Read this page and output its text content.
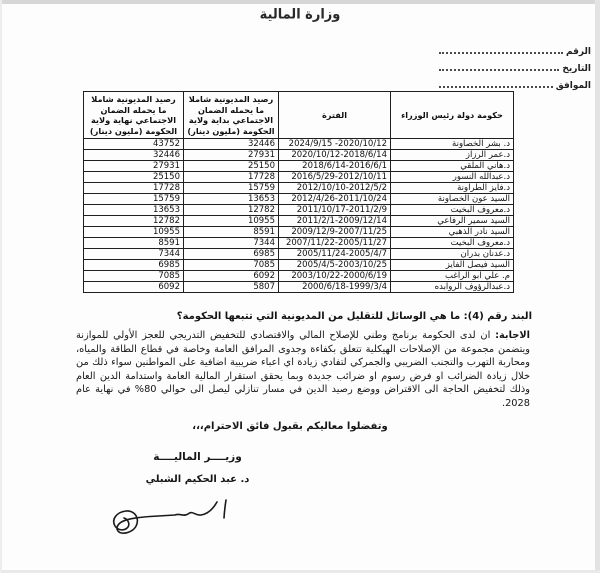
وزارة المالية
الرقم
التاريخ
الموافق
حكومة دولة رئيس الوزراء	الفترة	رصيد المديونية شاملا ما يحمله الضمان الاجتماعي بداية ولاية الحكومة (مليون دينار)	رصيد المديونية شاملا ما يحمله الضمان الاجتماعي نهاية ولاية الحكومة (مليون دينار)
د. بشر الخصاونة	2024/9/15 -2020/10/12	32446	43752
د.عمر الرزاز	2020/10/12-2018/6/14	27931	32446
د.هاني الملقي	2018/6/14-2016/6/1	25150	27931
د.عبدالله النسور	2016/5/29-2012/10/11	17728	25150
د.فايز الطراونة	2012/10/10-2012/5/2	15759	17728
السيد عون الخصاونة	2012/4/26-2011/10/24	13653	15759
د.معروف البخيت	2011/10/17-2011/2/9	12782	13653
السيد سمير الرفاعي	2011/2/1-2009/12/14	10955	12782
السيد نادر الذهبي	2009/12/9-2007/11/25	8591	10955
د.معروف البخيت	2007/11/22-2005/11/27	7344	8591
د.عدنان بدران	2005/11/24-2005/4/7	6985	7344
السيد فيصل الفايز	2005/4/5-2003/10/25	7085	6985
م. علي ابو الراغب	2003/10/22-2000/6/19	6092	7085
د.عبدالرؤوف الروابده	2000/6/18-1999/3/4	5807	6092
البند رقم (4): ما هي الوسائل للتقليل من المديونية التي تتبعها الحكومة؟
الاجابة: ان لدى الحكومة برنامج وطني للإصلاح المالي والاقتصادي للتخفيض التدريجي للعجز الأولي للموازنة ويتضمن مجموعة من الإصلاحات الهيكلية تتعلق بكفاءة وجدوى المرافق العامة وخاصة في قطاع الطاقة والمياه، ومحاربة التهرب والتجنب الضريبي والجمركي لتفادي زيادة اي اعباء ضريبية اضافية على المواطنين سواء ذلك من خلال زيادة الضرائب او فرض رسوم او ضرائب جديدة وبما يحقق استقرار المالية العامة واستدامة الدين العام وذلك لتخفيض الحاجة الى الاقتراض ووضع رصيد الدين في مسار تنازلي ليصل الى حوالي 80% في نهاية عام 2028.
وتفضلوا معاليكم بقبول فائق الاحترام،،،
وزيــــر الماليــــة
د. عبد الحكيم الشبلي
